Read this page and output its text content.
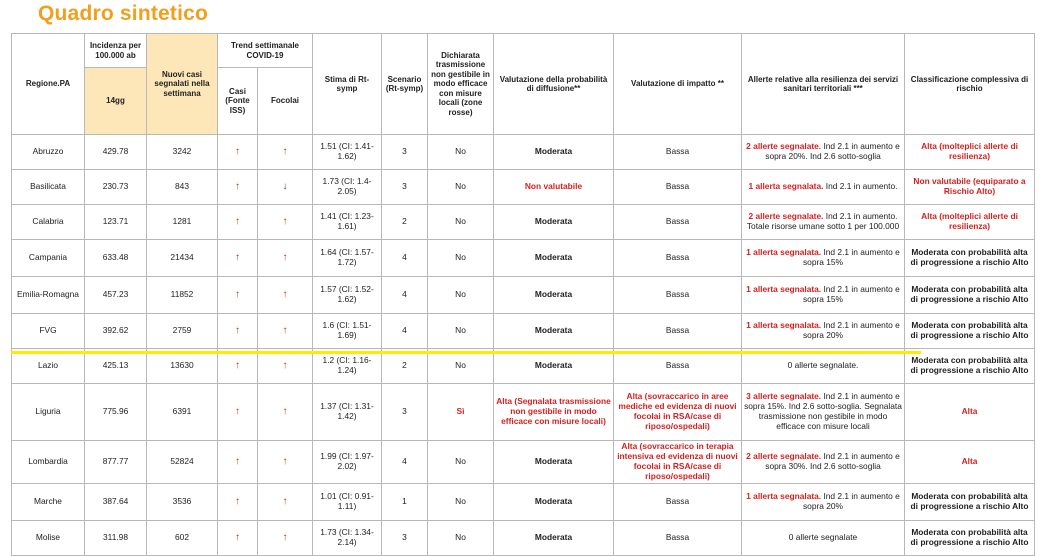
Quadro sintetico
Regione.PA	Incidenza per 100.000 ab	Nuovi casi segnalati nella settimana	Trend settimanale COVID-19		Stima di Rt-symp	Scenario (Rt-symp)	Dichiarata trasmissione non gestibile in modo efficace con misure locali (zone rosse)	Valutazione della probabilità di diffusione**	Valutazione di impatto **	Allerte relative alla resilienza dei servizi sanitari territoriali ***	Classificazione complessiva di rischio
	14gg		Casi (Fonte ISS)	Focolai							
Abruzzo	429.78	3242	↑	↑	1.51 (CI: 1.41-1.62)	3	No	Moderata	Bassa	2 allerte segnalate. Ind 2.1 in aumento e sopra 20%. Ind 2.6 sotto-soglia	Alta (molteplici allerte di resilienza)
Basilicata	230.73	843	↑	↓	1.73 (CI: 1.4-2.05)	3	No	Non valutabile	Bassa	1 allerta segnalata. Ind 2.1 in aumento.	Non valutabile (equiparato a Rischio Alto)
Calabria	123.71	1281	↑	↑	1.41 (CI: 1.23-1.61)	2	No	Moderata	Bassa	2 allerte segnalate. Ind 2.1 in aumento. Totale risorse umane sotto 1 per 100.000	Alta (molteplici allerte di resilienza)
Campania	633.48	21434	↑	↑	1.64 (CI: 1.57-1.72)	4	No	Moderata	Bassa	1 allerta segnalata. Ind 2.1 in aumento e sopra 15%	Moderata con probabilità alta di progressione a rischio Alto
Emilia-Romagna	457.23	11852	↑	↑	1.57 (CI: 1.52-1.62)	4	No	Moderata	Bassa	1 allerta segnalata. Ind 2.1 in aumento e sopra 15%	Moderata con probabilità alta di progressione a rischio Alto
FVG	392.62	2759	↑	↑	1.6 (CI: 1.51-1.69)	4	No	Moderata	Bassa	1 allerta segnalata. Ind 2.1 in aumento e sopra 20%	Moderata con probabilità alta di progressione a rischio Alto
Lazio	425.13	13630	↑	↑	1.2 (CI: 1.16-1.24)	2	No	Moderata	Bassa	0 allerte segnalate.	Moderata con probabilità alta di progressione a rischio Alto
Liguria	775.96	6391	↑	↑	1.37 (CI: 1.31-1.42)	3	Sì	Alta (Segnalata trasmissione non gestibile in modo efficace con misure locali)	Alta (sovraccarico in aree mediche ed evidenza di nuovi focolai in RSA/case di riposo/ospedali)	3 allerte segnalate. Ind 2.1 in aumento e sopra 15%. Ind 2.6 sotto-soglia. Segnalata trasmissione non gestibile in modo efficace con misure locali	Alta
Lombardia	877.77	52824	↑	↑	1.99 (CI: 1.97-2.02)	4	No	Moderata	Alta (sovraccarico in terapia intensiva ed evidenza di nuovi focolai in RSA/case di riposo/ospedali)	2 allerte segnalate. Ind 2.1 in aumento e sopra 30%. Ind 2.6 sotto-soglia	Alta
Marche	387.64	3536	↑	↑	1.01 (CI: 0.91-1.11)	1	No	Moderata	Bassa	1 allerta segnalata. Ind 2.1 in aumento e sopra 20%	Moderata con probabilità alta di progressione a rischio Alto
Molise	311.98	602	↑	↑	1.73 (CI: 1.34-2.14)	3	No	Moderata	Bassa	0 allerte segnalate	Moderata con probabilità alta di progressione a rischio Alto
